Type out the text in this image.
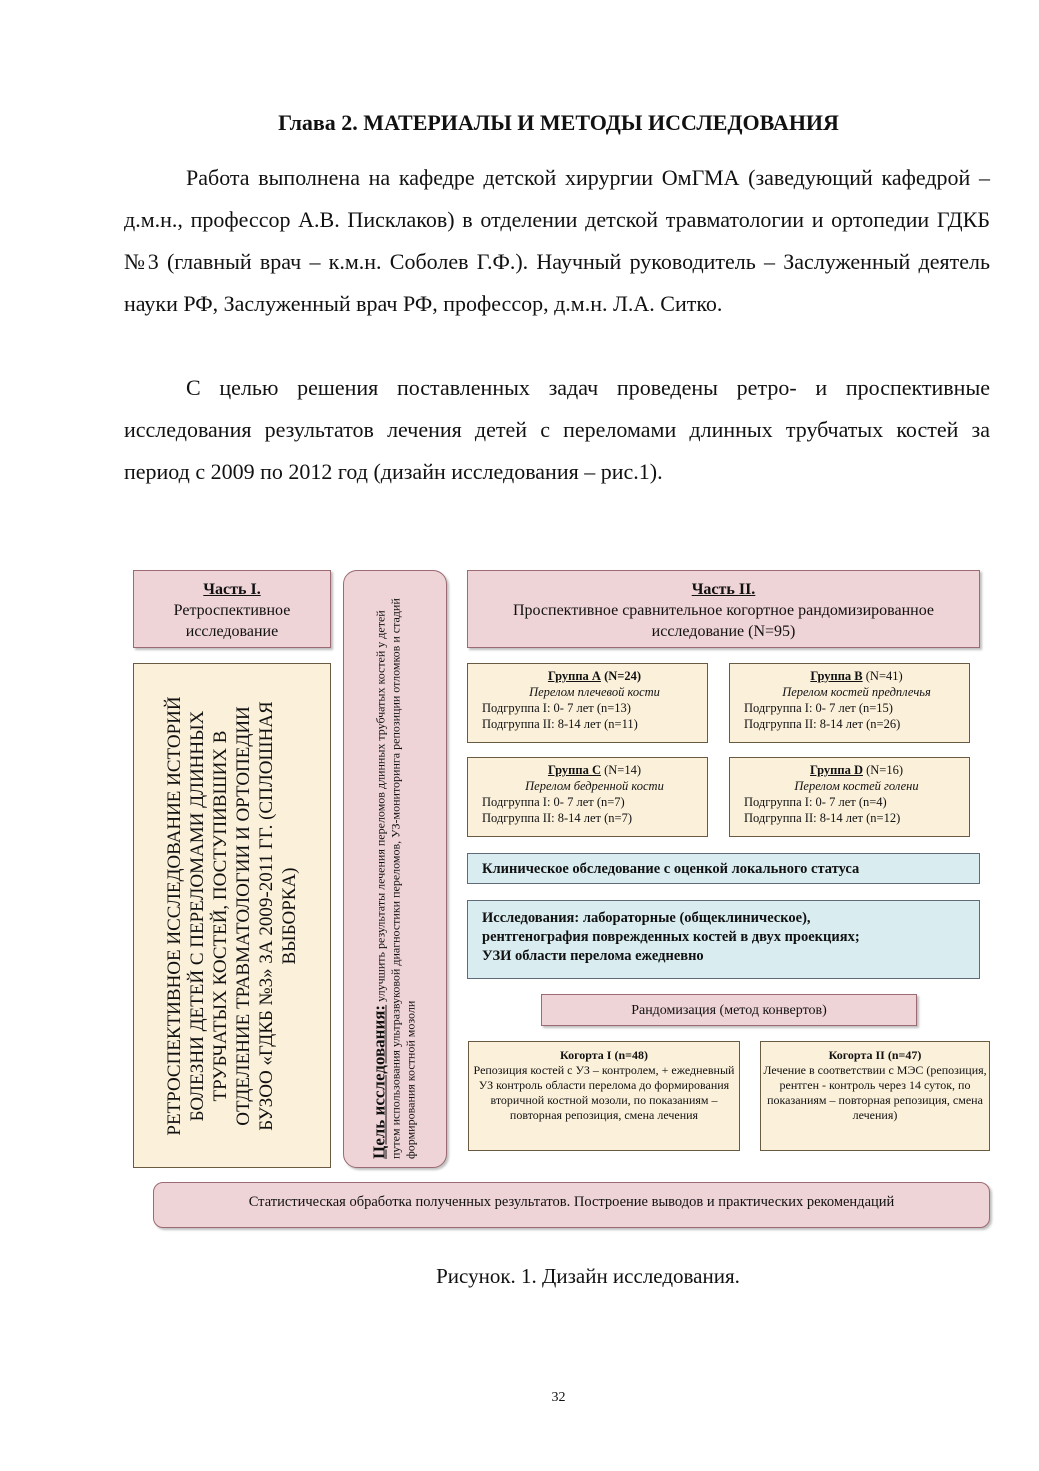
Глава 2. МАТЕРИАЛЫ И МЕТОДЫ ИССЛЕДОВАНИЯ
Работа выполнена на кафедре детской хирургии ОмГМА (заведующий кафедрой – д.м.н., профессор А.В. Писклаков) в отделении детской травматологии и ортопедии ГДКБ №3 (главный врач – к.м.н. Соболев Г.Ф.). Научный руководитель – Заслуженный деятель науки РФ, Заслуженный врач РФ, профессор, д.м.н. Л.А. Ситко.
С целью решения поставленных задач проведены ретро- и проспективные исследования результатов лечения детей с переломами длинных трубчатых костей за период с 2009 по 2012 год (дизайн исследования – рис.1).
Часть I.
Ретроспективное исследование
Часть II.
Проспективное сравнительное когортное рандомизированное исследование (N=95)
РЕТРОСПЕКТИВНОЕ ИССЛЕДОВАНИЕ ИСТОРИЙ БОЛЕЗНИ ДЕТЕЙ С ПЕРЕЛОМАМИ ДЛИННЫХ ТРУБЧАТЫХ КОСТЕЙ, ПОСТУПИВШИХ В ОТДЕЛЕНИЕ ТРАВМАТОЛОГИИ И ОРТОПЕДИИ БУЗОО «ГДКБ №3» ЗА 2009-2011 ГГ. (СПЛОШНАЯ ВЫБОРКА)
Цель исследования: улучшить результаты лечения переломов длинных трубчатых костей у детей путем использования ультразвуковой диагностики переломов, УЗ-мониторинга репозиции отломков и стадий формирования костной мозоли
Группа А (N=24)
Перелом плечевой кости
Подгруппа I: 0- 7 лет (n=13)
Подгруппа II: 8-14 лет (n=11)
Группа В (N=41)
Перелом костей предплечья
Подгруппа I: 0- 7 лет (n=15)
Подгруппа II: 8-14 лет (n=26)
Группа С (N=14)
Перелом бедренной кости
Подгруппа I: 0- 7 лет (n=7)
Подгруппа II: 8-14 лет (n=7)
Группа D (N=16)
Перелом костей голени
Подгруппа I: 0- 7 лет (n=4)
Подгруппа II: 8-14 лет (n=12)
Клиническое обследование с оценкой локального статуса
Исследования: лабораторные (общеклиническое),
рентгенография поврежденных костей в двух проекциях;
УЗИ области перелома ежедневно
Рандомизация (метод конвертов)
Когорта I (n=48)
Репозиция костей с УЗ – контролем, + ежедневный УЗ контроль области перелома до формирования вторичной костной мозоли, по показаниям – повторная репозиция, смена лечения
Когорта II (n=47)
Лечение в соответствии с МЭС (репозиция, рентген - контроль через 14 суток, по показаниям – повторная репозиция, смена лечения)
Статистическая обработка полученных результатов. Построение выводов и практических рекомендаций
Рисунок. 1. Дизайн исследования.
32
